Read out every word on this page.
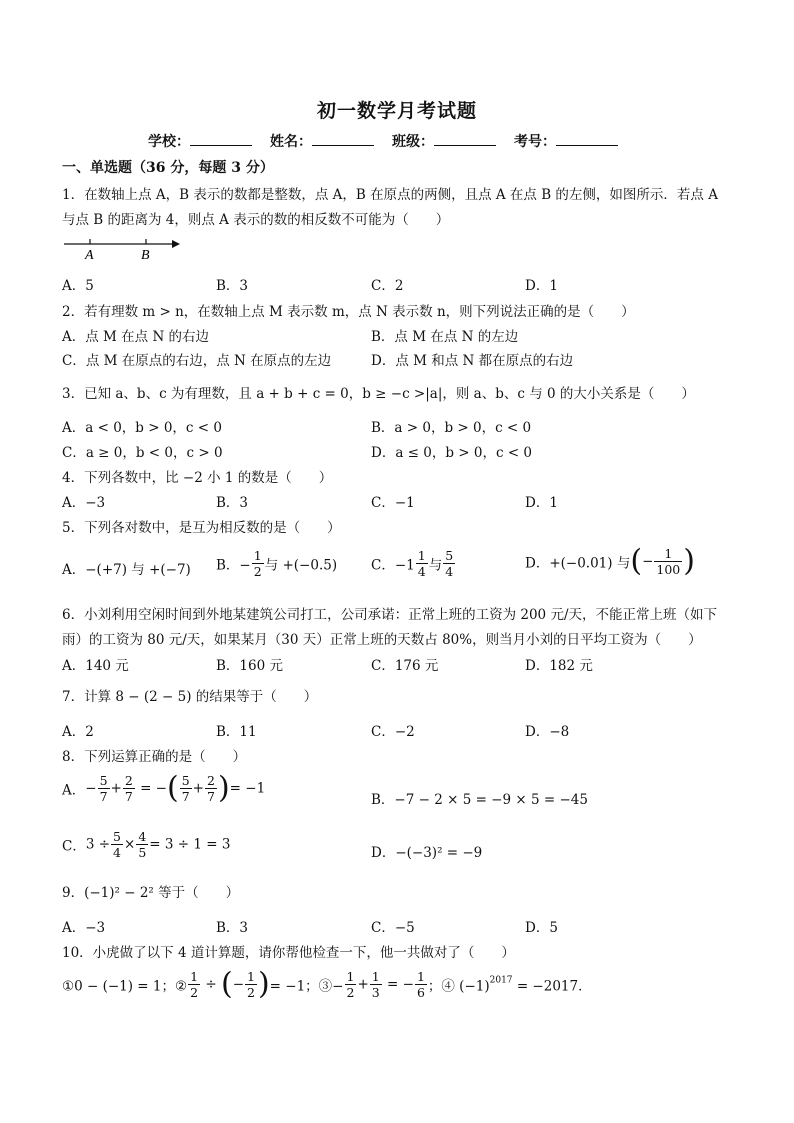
初一数学月考试题
学校：	姓名：	班级：	考号：
一、单选题（36 分，每题 3 分）
1．在数轴上点 A，B 表示的数都是整数，点 A，B 在原点的两侧，且点 A 在点 B 的左侧，如图所示．若点 A
与点 B 的距离为 4，则点 A 表示的数的相反数不可能为（　　）
A	B
A．5	B．3	C．2	D．1
2．若有理数 m > n，在数轴上点 M 表示数 m，点 N 表示数 n，则下列说法正确的是（　　）
A．点 M 在点 N 的右边	B．点 M 在点 N 的左边
C．点 M 在原点的右边，点 N 在原点的左边	D．点 M 和点 N 都在原点的右边
3．已知 a、b、c 为有理数，且 a + b + c = 0，b ≥ −c >|a|，则 a、b、c 与 0 的大小关系是（　　）
A．a < 0，b > 0，c < 0	B．a > 0，b > 0，c < 0
C．a ≥ 0，b < 0，c > 0	D．a ≤ 0，b > 0，c < 0
4．下列各数中，比 −2 小 1 的数是（　　）
A．−3	B．3	C．−1	D．1
5．下列各对数中，是互为相反数的是（　　）
A．−(+7) 与 +(−7) B．− $\frac{1}{2}$ 与 +(−0.5)	C．$-1 \frac{1}{4}$ 与 $\frac{5}{4}$	D．+(−0.01) 与(− $\frac{1}{100}$ )
6．小刘利用空闲时间到外地某建筑公司打工，公司承诺：正常上班的工资为 200 元/天，不能正常上班（如下
雨）的工资为 80 元/天，如果某月（30 天）正常上班的天数占 80%，则当月小刘的日平均工资为（　　）
A．140 元	B．160 元	C．176 元	D．182 元
7．计算 8 − (2 − 5) 的结果等于（　　）
A．2	B．11	C．−2	D．−8
8．下列运算正确的是（　　）
A．− $\frac{5}{7} + \frac{2}{7}$ = −( $\frac{5}{7} + \frac{2}{7}$ )= −1
B．−7 − 2 × 5 = −9 × 5 = −45
C．$3 \div \frac{5}{4} \times \frac{4}{5} = 3 \div 1 = 3$
D．−(−3)² = −9
9．(−1)² − 2² 等于（　　）
A．−3	B．3	C．−5	D．5
10．小虎做了以下 4 道计算题，请你帮他检查一下，他一共做对了（　　）
①0 − (−1) = 1；② $\frac{1}{2}$ ÷ (− $\frac{1}{2}$ )= −1；③− $\frac{1}{2} + \frac{1}{3}$ = − $\frac{1}{6}$ ；④ $(-1)^{2017} = -2017$．
